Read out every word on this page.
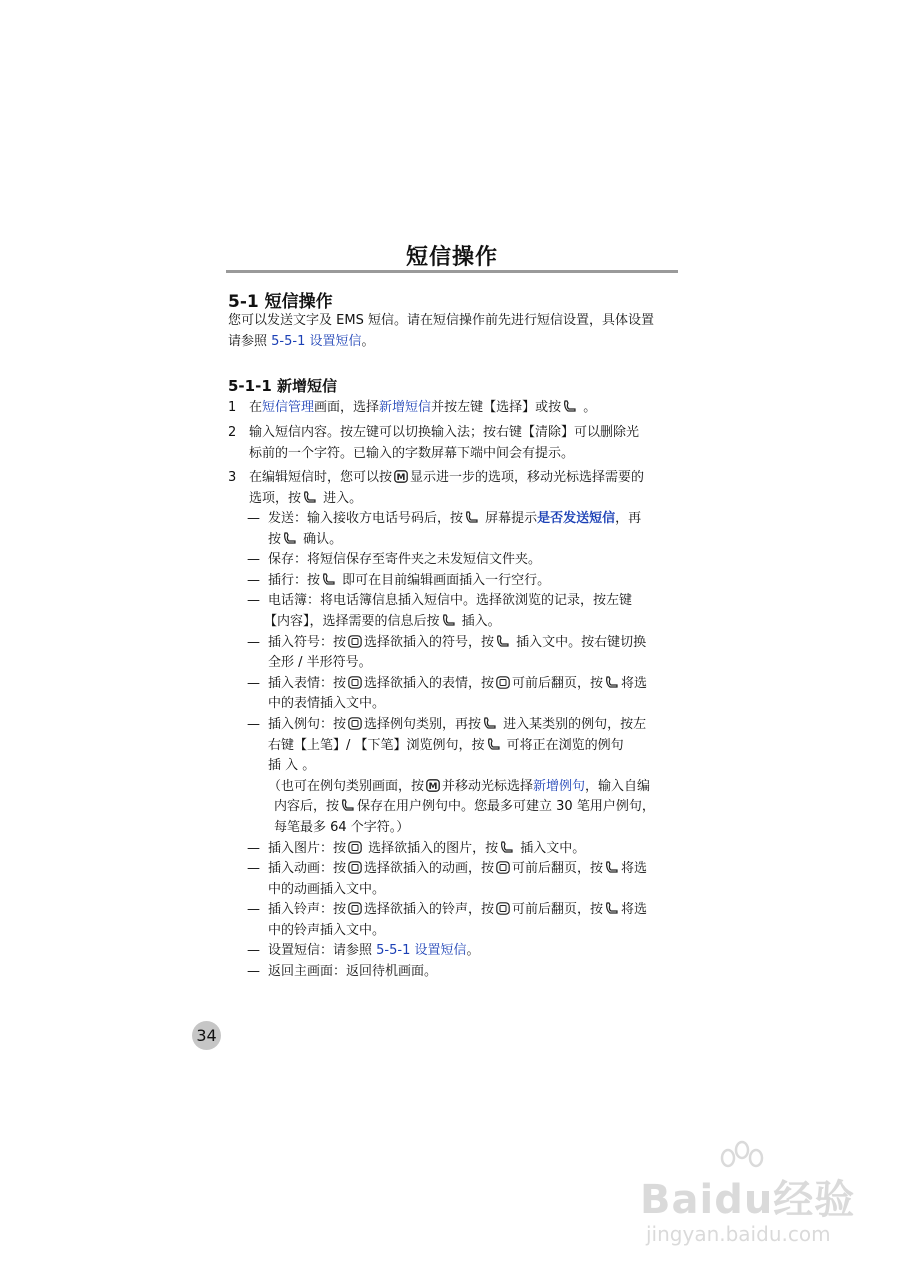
短信操作
5-1 短信操作
您可以发送文字及 EMS 短信。请在短信操作前先进行短信设置，具体设置
请参照 5-5-1 设置短信。
5-1-1 新增短信
1 在短信管理画面，选择新增短信并按左键【选择】或按
。
2 输入短信内容。按左键可以切换输入法；按右键【清除】可以删除光
标前的一个字符。已输入的字数屏幕下端中间会有提示。
3 在编辑短信时，您可以按 显示进一步的选项，移动光标选择需要的
选项，按
进入。
— 发送：输入接收方电话号码后，按
屏幕提示是否发送短信，再
按
确认。
— 保存：将短信保存至寄件夹之未发短信文件夹。
— 插行：按
即可在目前编辑画面插入一行空行。
— 电话簿：将电话簿信息插入短信中。选择欲浏览的记录，按左键
【内容】，选择需要的信息后按
插入。
— 插入符号：按 选择欲插入的符号，按
插入文中。按右键切换
全形 / 半形符号。
— 插入表情：按 选择欲插入的表情，按 可前后翻页，按 将选
中的表情插入文中。
— 插入例句：按 选择例句类别，再按
进入某类别的例句，按左
右键【上笔】/ 【下笔】浏览例句，按
可将正在浏览的例句
插 入 。
（也可在例句类别画面，按 并移动光标选择新增例句，输入自编
内容后，按 保存在用户例句中。您最多可建立 30 笔用户例句，
每笔最多 64 个字符。）
— 插入图片：按
选择欲插入的图片，按
插入文中。
— 插入动画：按 选择欲插入的动画，按 可前后翻页，按 将选
中的动画插入文中。
— 插入铃声：按 选择欲插入的铃声，按 可前后翻页，按 将选
中的铃声插入文中。
— 设置短信：请参照 5-5-1 设置短信。
— 返回主画面：返回待机画面。
34
Baidu经验
jingyan.baidu.com
